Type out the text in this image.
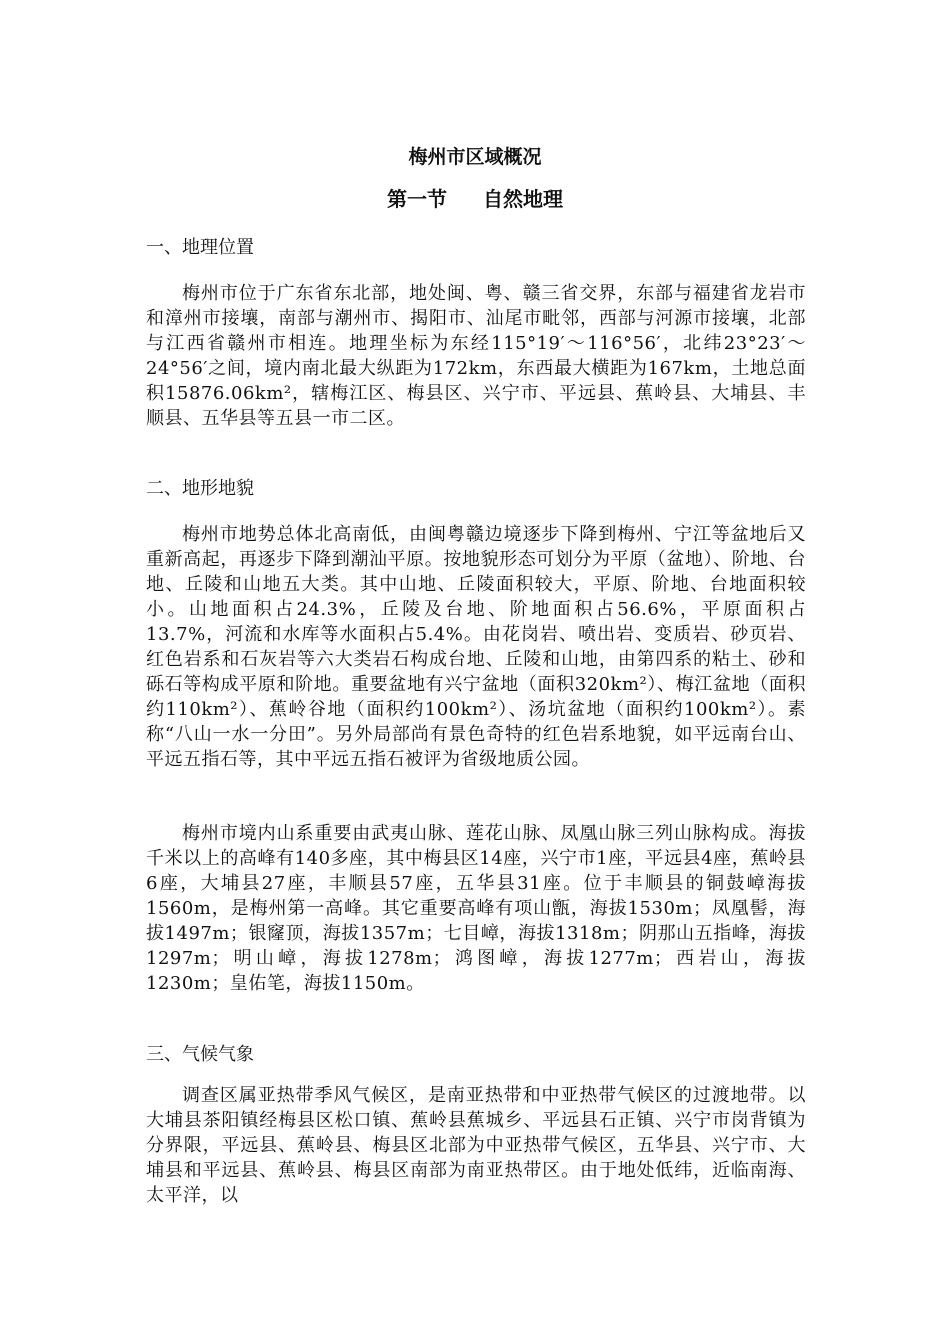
梅州市区域概况
第一节 自然地理
一、地理位置

梅州市位于广东省东北部，地处闽、粤、赣三省交界，东部与福建省龙岩市和漳州市接壤，南部与潮州市、揭阳市、汕尾市毗邻，西部与河源市接壤，北部与江西省赣州市相连。地理坐标为东经115°19′～116°56′，北纬23°23′～24°56′之间，境内南北最大纵距为172km，东西最大横距为167km，土地总面积15876.06km²，辖梅江区、梅县区、兴宁市、平远县、蕉岭县、大埔县、丰顺县、五华县等五县一市二区。

二、地形地貌

梅州市地势总体北高南低，由闽粤赣边境逐步下降到梅州、宁江等盆地后又重新高起，再逐步下降到潮汕平原。按地貌形态可划分为平原（盆地）、阶地、台地、丘陵和山地五大类。其中山地、丘陵面积较大，平原、阶地、台地面积较小。山地面积占24.3%，丘陵及台地、阶地面积占56.6%，平原面积占13.7%，河流和水库等水面积占5.4%。由花岗岩、喷出岩、变质岩、砂页岩、红色岩系和石灰岩等六大类岩石构成台地、丘陵和山地，由第四系的粘土、砂和砾石等构成平原和阶地。重要盆地有兴宁盆地（面积320km²）、梅江盆地（面积约110km²）、蕉岭谷地（面积约100km²）、汤坑盆地（面积约100km²）。素称“八山一水一分田”。另外局部尚有景色奇特的红色岩系地貌，如平远南台山、平远五指石等，其中平远五指石被评为省级地质公园。

梅州市境内山系重要由武夷山脉、莲花山脉、凤凰山脉三列山脉构成。海拔千米以上的高峰有140多座，其中梅县区14座，兴宁市1座，平远县4座，蕉岭县6座，大埔县27座，丰顺县57座，五华县31座。位于丰顺县的铜鼓嶂海拔1560m，是梅州第一高峰。其它重要高峰有项山甑，海拔1530m；凤凰髻，海拔1497m；银窿顶，海拔1357m；七目嶂，海拔1318m；阴那山五指峰，海拔1297m；明山嶂，海拔1278m；鸿图嶂，海拔1277m；西岩山，海拔1230m；皇佑笔，海拔1150m。

三、气候气象

调查区属亚热带季风气候区，是南亚热带和中亚热带气候区的过渡地带。以大埔县茶阳镇经梅县区松口镇、蕉岭县蕉城乡、平远县石正镇、兴宁市岗背镇为分界限，平远县、蕉岭县、梅县区北部为中亚热带气候区，五华县、兴宁市、大埔县和平远县、蕉岭县、梅县区南部为南亚热带区。由于地处低纬，近临南海、太平洋，以
